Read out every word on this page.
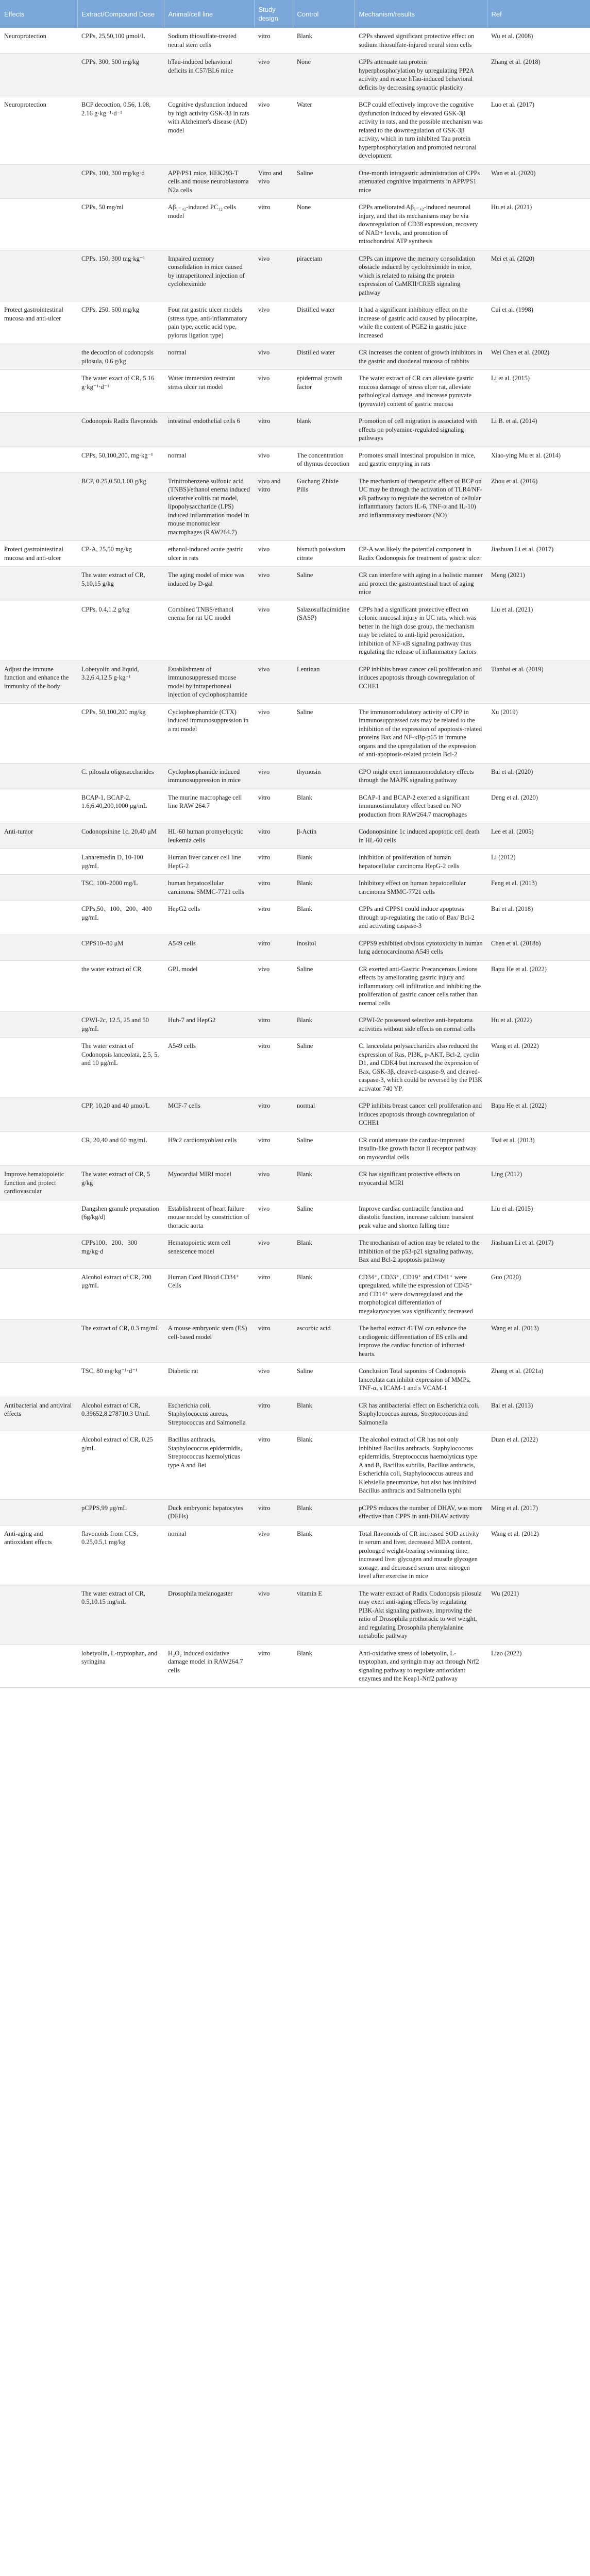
Effects	Extract/Compound Dose	Animal/cell line	Study design	Control	Mechanism/results	Ref
Neuroprotection	CPPs, 25,50,100 μmol/L	Sodium thiosulfate-treated neural stem cells	vitro	Blank	CPPs showed significant protective effect on sodium thiosulfate-injured neural stem cells	Wu et al. (2008)
	CPPs, 300, 500 mg/kg	hTau-induced behavioral deficits in C57/BL6 mice	vivo	None	CPPs attenuate tau protein hyperphosphorylation by upregulating PP2A activity and rescue hTau-induced behavioral deficits by decreasing synaptic plasticity	Zhang et al. (2018)
Neuroprotection	BCP decoction, 0.56, 1.08, 2.16 g·kg⁻¹·d⁻¹	Cognitive dysfunction induced by high activity GSK-3β in rats with Alzheimer's disease (AD) model	vivo	Water	BCP could effectively improve the cognitive dysfunction induced by elevated GSK-3β activity in rats, and the possible mechanism was related to the downregulation of GSK-3β activity, which in turn inhibited Tau protein hyperphosphorylation and promoted neuronal development	Luo et al. (2017)
	CPPs, 100, 300 mg/kg·d	APP/PS1 mice, HEK293-T cells and mouse neuroblastoma N2a cells	Vitro and vivo	Saline	One-month intragastric administration of CPPs attenuated cognitive impairments in APP/PS1 mice	Wan et al. (2020)
	CPPs, 50 mg/ml	Aβ₁₋₄₂-induced PC₁₂ cells model	vitro	None	CPPs ameliorated Aβ₁₋₄₂-induced neuronal injury, and that its mechanisms may be via downregulation of CD38 expression, recovery of NAD+ levels, and promotion of mitochondrial ATP synthesis	Hu et al. (2021)
	CPPs, 150, 300 mg·kg⁻¹	Impaired memory consolidation in mice caused by intraperitoneal injection of cycloheximide	vivo	piracetam	CPPs can improve the memory consolidation obstacle induced by cycloheximide in mice, which is related to raising the protein expression of CaMKII/CREB signaling pathway	Mei et al. (2020)
Protect gastrointestinal mucosa and anti-ulcer	CPPs, 250, 500 mg/kg	Four rat gastric ulcer models (stress type, anti-inflammatory pain type, acetic acid type, pylorus ligation type)	vivo	Distilled water	It had a significant inhibitory effect on the increase of gastric acid caused by pilocarpine, while the content of PGE2 in gastric juice increased	Cui et al. (1998)
	the decoction of codonopsis pilosula, 0.6 g/kg	normal	vivo	Distilled water	CR increases the content of growth inhibitors in the gastric and duodenal mucosa of rabbits	Wei Chen et al. (2002)
	The water exact of CR, 5.16 g·kg⁻¹·d⁻¹	Water immersion restraint stress ulcer rat model	vivo	epidermal growth factor	The water extract of CR can alleviate gastric mucosa damage of stress ulcer rat, alleviate pathological damage, and increase pyruvate (pyruvate) content of gastric mucosa	Li et al. (2015)
	Codonopsis Radix flavonoids	intestinal endothelial cells 6	vitro	blank	Promotion of cell migration is associated with effects on polyamine-regulated signaling pathways	Li B. et al. (2014)
	CPPs, 50,100,200, mg·kg⁻¹	normal	vivo	The concentration of thymus decoction	Promotes small intestinal propulsion in mice, and gastric emptying in rats	Xiao-ying Mu et al. (2014)
	BCP, 0.25,0.50,1.00 g/kg	Trinitrobenzene sulfonic acid (TNBS)/ethanol enema induced ulcerative colitis rat model, lipopolysaccharide (LPS) induced inflammation model in mouse mononuclear macrophages (RAW264.7)	vivo and vitro	Guchang Zhixie Pills	The mechanism of therapeutic effect of BCP on UC may be through the activation of TLR4/NF-κB pathway to regulate the secretion of cellular inflammatory factors IL-6, TNF-α and IL-10) and inflammatory mediators (NO)	Zhou et al. (2016)
Protect gastrointestinal mucosa and anti-ulcer	CP-A, 25,50 mg/kg	ethanol-induced acute gastric ulcer in rats	vivo	bismuth potassium citrate	CP-A was likely the potential component in Radix Codonopsis for treatment of gastric ulcer	Jiashuan Li et al. (2017)
	The water extract of CR, 5,10,15 g/kg	The aging model of mice was induced by D-gal	vivo	Saline	CR can interfere with aging in a holistic manner and protect the gastrointestinal tract of aging mice	Meng (2021)
	CPPs, 0.4,1.2 g/kg	Combined TNBS/ethanol enema for rat UC model	vivo	Salazosulfadimidine (SASP)	CPPs had a significant protective effect on colonic mucosal injury in UC rats, which was better in the high dose group, the mechanism may be related to anti-lipid peroxidation, inhibition of NF-κB signaling pathway thus regulating the release of inflammatory factors	Liu et al. (2021)
Adjust the immune function and enhance the immunity of the body	Lobetyolin and liquid, 3.2,6.4,12.5 g·kg⁻¹	Establishment of immunosuppressed mouse model by intraperitoneal injection of cyclophosphamide	vivo	Lentinan	CPP inhibits breast cancer cell proliferation and induces apoptosis through downregulation of CCHE1	Tianbai et al. (2019)
	CPPs, 50,100,200 mg/kg	Cyclophosphamide (CTX) induced immunosuppression in a rat model	vivo	Saline	The immunomodulatory activity of CPP in immunosuppressed rats may be related to the inhibition of the expression of apoptosis-related proteins Bax and NF-κBp-p65 in immune organs and the upregulation of the expression of anti-apoptosis-related protein Bcl-2	Xu (2019)
	C. pilosula oligosaccharides	Cyclophosphamide induced immunosuppression in mice	vivo	thymosin	CPO might exert immunomodulatory effects through the MAPK signaling pathway	Bai et al. (2020)
	BCAP-1, BCAP-2, 1.6,6.40,200,1000 μg/mL	The murine macrophage cell line RAW 264.7	vitro	Blank	BCAP-1 and BCAP-2 exerted a significant immunostimulatory effect based on NO production from RAW264.7 macrophages	Deng et al. (2020)
Anti-tumor	Codonopsinine 1c, 20,40 μM	HL-60 human promyelocytic leukemia cells	vitro	β-Actin	Codonopsinine 1c induced apoptotic cell death in HL-60 cells	Lee et al. (2005)
	Lanaremedin D, 10-100 μg/mL	Human liver cancer cell line HepG-2	vitro	Blank	Inhibition of proliferation of human hepatocellular carcinoma HepG-2 cells	Li (2012)
	TSC, 100–2000 mg/L	human hepatocellular carcinoma SMMC-7721 cells	vitro	Blank	Inhibitory effect on human hepatocellular carcinoma SMMC-7721 cells	Feng et al. (2013)
	CPPs,50、100、200、400 μg/mL	HepG2 cells	vitro	Blank	CPPs and CPPS1 could induce apoptosis through up-regulating the ratio of Bax/ Bcl-2 and activating caspase-3	Bai et al. (2018)
	CPPS10–80 μM	A549 cells	vitro	inositol	CPPS9 exhibited obvious cytotoxicity in human lung adenocarcinoma A549 cells	Chen et al. (2018b)
	the water extract of CR	GPL model	vivo	Saline	CR exerted anti-Gastric Precancerous Lesions effects by ameliorating gastric injury and inflammatory cell infiltration and inhibiting the proliferation of gastric cancer cells rather than normal cells	Bapu He et al. (2022)
	CPWI-2c, 12.5, 25 and 50 μg/mL	Huh-7 and HepG2	vitro	Blank	CPWI-2c possessed selective anti-hepatoma activities without side effects on normal cells	Hu et al. (2022)
	The water extract of Codonopsis lanceolata, 2.5, 5, and 10 μg/mL	A549 cells	vitro	Saline	C. lanceolata polysaccharides also reduced the expression of Ras, PI3K, p-AKT, Bcl-2, cyclin D1, and CDK4 but increased the expression of Bax, GSK-3β, cleaved-caspase-9, and cleaved-caspase-3, which could be reversed by the PI3K activator 740 YP.	Wang et al. (2022)
	CPP, 10,20 and 40 μmol/L	MCF-7 cells	vitro	normal	CPP inhibits breast cancer cell proliferation and induces apoptosis through downregulation of CCHE1	Bapu He et al. (2022)
	CR, 20,40 and 60 mg/mL	H9c2 cardiomyoblast cells	vitro	Saline	CR could attenuate the cardiac-improved insulin-like growth factor II receptor pathway on myocardial cells	Tsai et al. (2013)
Improve hematopoietic function and protect cardiovascular	The water extract of CR, 5 g/kg	Myocardial MIRI model	vivo	Blank	CR has significant protective effects on myocardial MIRI	Ling (2012)
	Dangshen granule preparation (6g/kg/d)	Establishment of heart failure mouse model by constriction of thoracic aorta	vivo	Saline	Improve cardiac contractile function and diastolic function, increase calcium transient peak value and shorten falling time	Liu et al. (2015)
	CPPs100、200、300 mg/kg·d	Hematopoietic stem cell senescence model	vivo	Blank	The mechanism of action may be related to the inhibition of the p53-p21 signaling pathway, Bax and Bcl-2 apoptosis pathway	Jiashuan Li et al. (2017)
	Alcohol extract of CR, 200 μg/mL	Human Cord Blood CD34⁺ Cells	vitro	Blank	CD34⁺, CD33⁺, CD19⁺ and CD41⁺ were upregulated, while the expression of CD45⁺ and CD14⁺ were downregulated and the morphological differentiation of megakaryocytes was significantly decreased	Guo (2020)
	The extract of CR, 0.3 mg/mL	A mouse embryonic stem (ES) cell-based model	vitro	ascorbic acid	The herbal extract 41TW can enhance the cardiogenic differentiation of ES cells and improve the cardiac function of infarcted hearts.	Wang et al. (2013)
	TSC, 80 mg·kg⁻¹·d⁻¹	Diabetic rat	vivo	Saline	Conclusion Total saponins of Codonopsis lanceolata can inhibit expression of MMPs, TNF-α, s ICAM-1 and s VCAM-1	Zhang et al. (2021a)
Antibacterial and antiviral effects	Alcohol extract of CR, 0.39652,8.278710.3 U/mL	Escherichia coli, Staphylococcus aureus, Streptococcus and Salmonella	vitro	Blank	CR has antibacterial effect on Escherichia coli, Staphylococcus aureus, Streptococcus and Salmonella	Bai et al. (2013)
	Alcohol extract of CR, 0.25 g/mL	Bacillus anthracis, Staphylococcus epidermidis, Streptococcus haemolyticus type A and Bei	vitro	Blank	The alcohol extract of CR has not only inhibited Bacillus anthracis, Staphylococcus epidermidis, Streptococcus haemolyticus type A and B, Bacillus subtilis, Bacillus anthracis, Escherichia coli, Staphylococcus aureus and Klebsiella pneumoniae, but also has inhibited Bacillus anthracis and Salmonella typhi	Duan et al. (2022)
	pCPPS,99 μg/mL	Duck embryonic hepatocytes (DEHs)	vitro	Blank	pCPPS reduces the number of DHAV, was more effective than CPPS in anti-DHAV activity	Ming et al. (2017)
Anti-aging and antioxidant effects	flavonoids from CCS, 0.25,0.5,1 mg/kg	normal	vivo	Blank	Total flavonoids of CR increased SOD activity in serum and liver, decreased MDA content, prolonged weight-bearing swimming time, increased liver glycogen and muscle glycogen storage, and decreased serum urea nitrogen level after exercise in mice	Wang et al. (2012)
	The water extract of CR, 0.5,10.15 mg/mL	Drosophila melanogaster	vivo	vitamin E	The water extract of Radix Codonopsis pilosula may exert anti-aging effects by regulating PI3K-Akt signaling pathway, improving the ratio of Drosophila prothoracic to wet weight, and regulating Drosophila phenylalanine metabolic pathway	Wu (2021)
	lobetyolin, L-tryptophan, and syringina	H₂O₂ induced oxidative damage model in RAW264.7 cells	vitro	Blank	Anti-oxidative stress of lobetyolin, L-tryptophan, and syringin may act through Nrf2 signaling pathway to regulate antioxidant enzymes and the Keap1-Nrf2 pathway	Liao (2022)
